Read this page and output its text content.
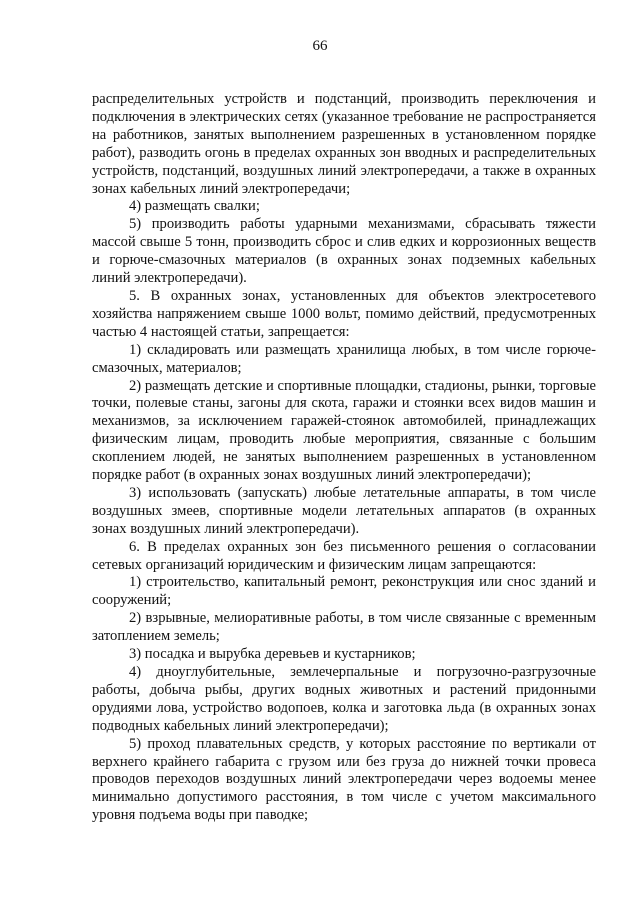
66

распределительных устройств и подстанций, производить переключения и подключения в электрических сетях (указанное требование не распространяется на работников, занятых выполнением разрешенных в установленном порядке работ), разводить огонь в пределах охранных зон вводных и распределительных устройств, подстанций, воздушных линий электропередачи, а также в охранных зонах кабельных линий электропередачи;

4) размещать свалки;

5) производить работы ударными механизмами, сбрасывать тяжести массой свыше 5 тонн, производить сброс и слив едких и коррозионных веществ и горюче-смазочных материалов (в охранных зонах подземных кабельных линий электропередачи).

5. В охранных зонах, установленных для объектов электросетевого хозяйства напряжением свыше 1000 вольт, помимо действий, предусмотренных частью 4 настоящей статьи, запрещается:

1) складировать или размещать хранилища любых, в том числе горюче-смазочных, материалов;

2) размещать детские и спортивные площадки, стадионы, рынки, торговые точки, полевые станы, загоны для скота, гаражи и стоянки всех видов машин и механизмов, за исключением гаражей-стоянок автомобилей, принадлежащих физическим лицам, проводить любые мероприятия, связанные с большим скоплением людей, не занятых выполнением разрешенных в установленном порядке работ (в охранных зонах воздушных линий электропередачи);

3) использовать (запускать) любые летательные аппараты, в том числе воздушных змеев, спортивные модели летательных аппаратов (в охранных зонах воздушных линий электропередачи).

6. В пределах охранных зон без письменного решения о согласовании сетевых организаций юридическим и физическим лицам запрещаются:

1) строительство, капитальный ремонт, реконструкция или снос зданий и сооружений;

2) взрывные, мелиоративные работы, в том числе связанные с временным затоплением земель;

3) посадка и вырубка деревьев и кустарников;

4) дноуглубительные, землечерпальные и погрузочно-разгрузочные работы, добыча рыбы, других водных животных и растений придонными орудиями лова, устройство водопоев, колка и заготовка льда (в охранных зонах подводных кабельных линий электропередачи);

5) проход плавательных средств, у которых расстояние по вертикали от верхнего крайнего габарита с грузом или без груза до нижней точки провеса проводов переходов воздушных линий электропередачи через водоемы менее минимально допустимого расстояния, в том числе с учетом максимального уровня подъема воды при паводке;
